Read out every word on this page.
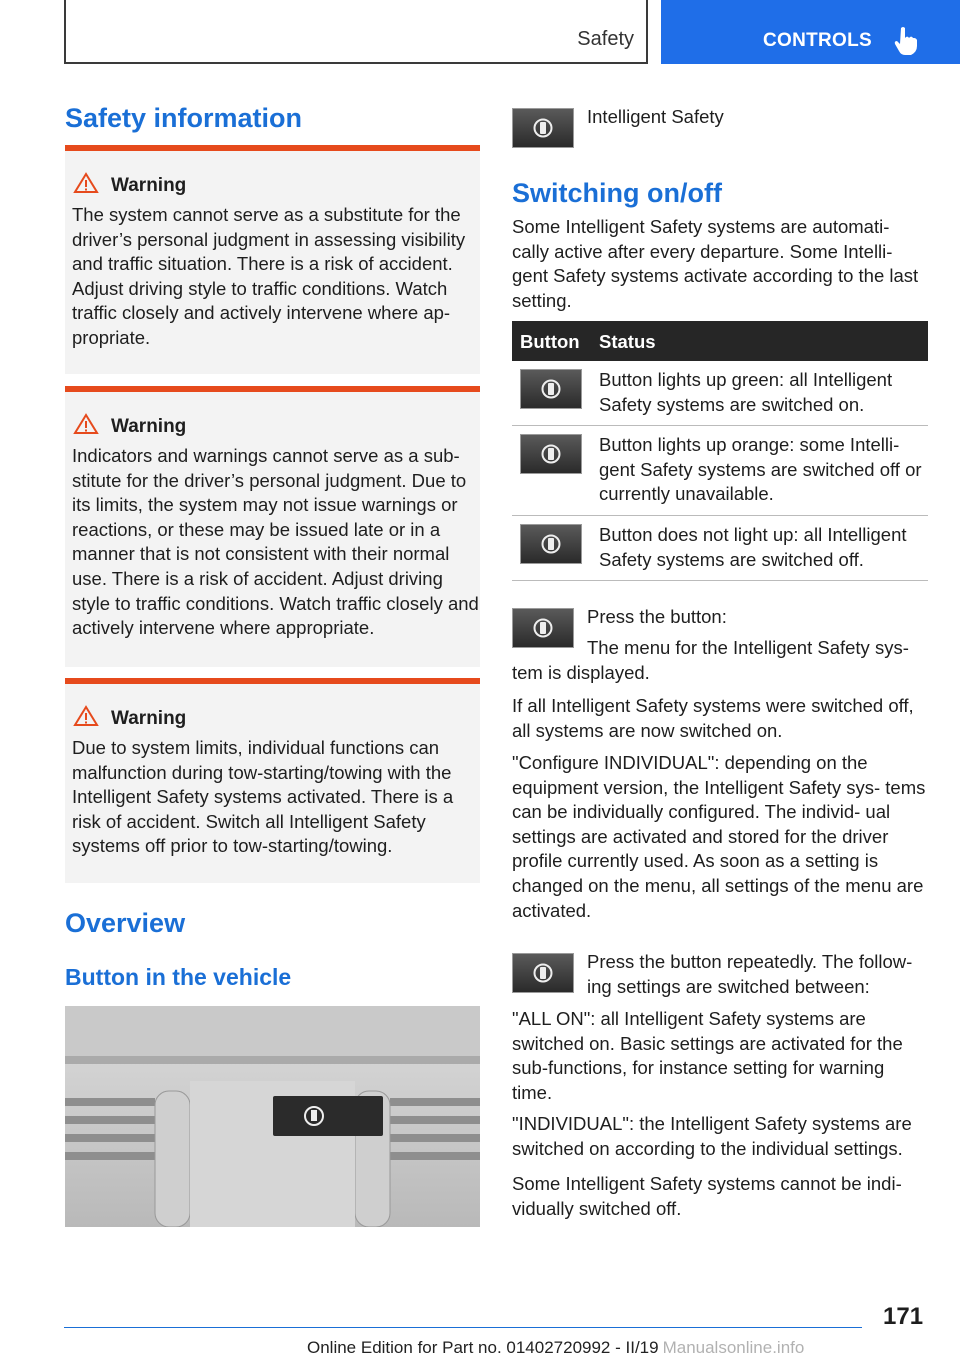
Safety	CONTROLS
Safety information
Warning
The system cannot serve as a substitute for the driver’s personal judgment in assessing visibility and traffic situation. There is a risk of accident. Adjust driving style to traffic conditions. Watch traffic closely and actively intervene where ap‐ propriate.
Warning
Indicators and warnings cannot serve as a sub‐ stitute for the driver’s personal judgment. Due to its limits, the system may not issue warnings or reactions, or these may be issued late or in a manner that is not consistent with their normal use. There is a risk of accident. Adjust driving style to traffic conditions. Watch traffic closely and actively intervene where appropriate.
Warning
Due to system limits, individual functions can malfunction during tow-starting/towing with the Intelligent Safety systems activated. There is a risk of accident. Switch all Intelligent Safety systems off prior to tow-starting/towing.
Overview
Button in the vehicle

Intelligent Safety

Switching on/off

Some Intelligent Safety systems are automati‐ cally active after every departure. Some Intelli‐ gent Safety systems activate according to the last setting.

Button Status
Button lights up green: all Intelligent Safety systems are switched on.
Button lights up orange: some Intelli‐ gent Safety systems are switched off or currently unavailable.
Button does not light up: all Intelligent Safety systems are switched off.

Press the button:

The menu for the Intelligent Safety sys‐

tem is displayed.

If all Intelligent Safety systems were switched off, all systems are now switched on.

"Configure INDIVIDUAL": depending on the equipment version, the Intelligent Safety sys‐ tems can be individually configured. The individ‐ ual settings are activated and stored for the driver profile currently used. As soon as a setting is changed on the menu, all settings of the menu are activated.

Press the button repeatedly. The follow‐ ing settings are switched between:

"ALL ON": all Intelligent Safety systems are switched on. Basic settings are activated for the sub-functions, for instance setting for warning time.

"INDIVIDUAL": the Intelligent Safety systems are switched on according to the individual settings.

Some Intelligent Safety systems cannot be indi‐ vidually switched off.

171
Online Edition for Part no. 01402720992 - II/19 Manualsonline.info
